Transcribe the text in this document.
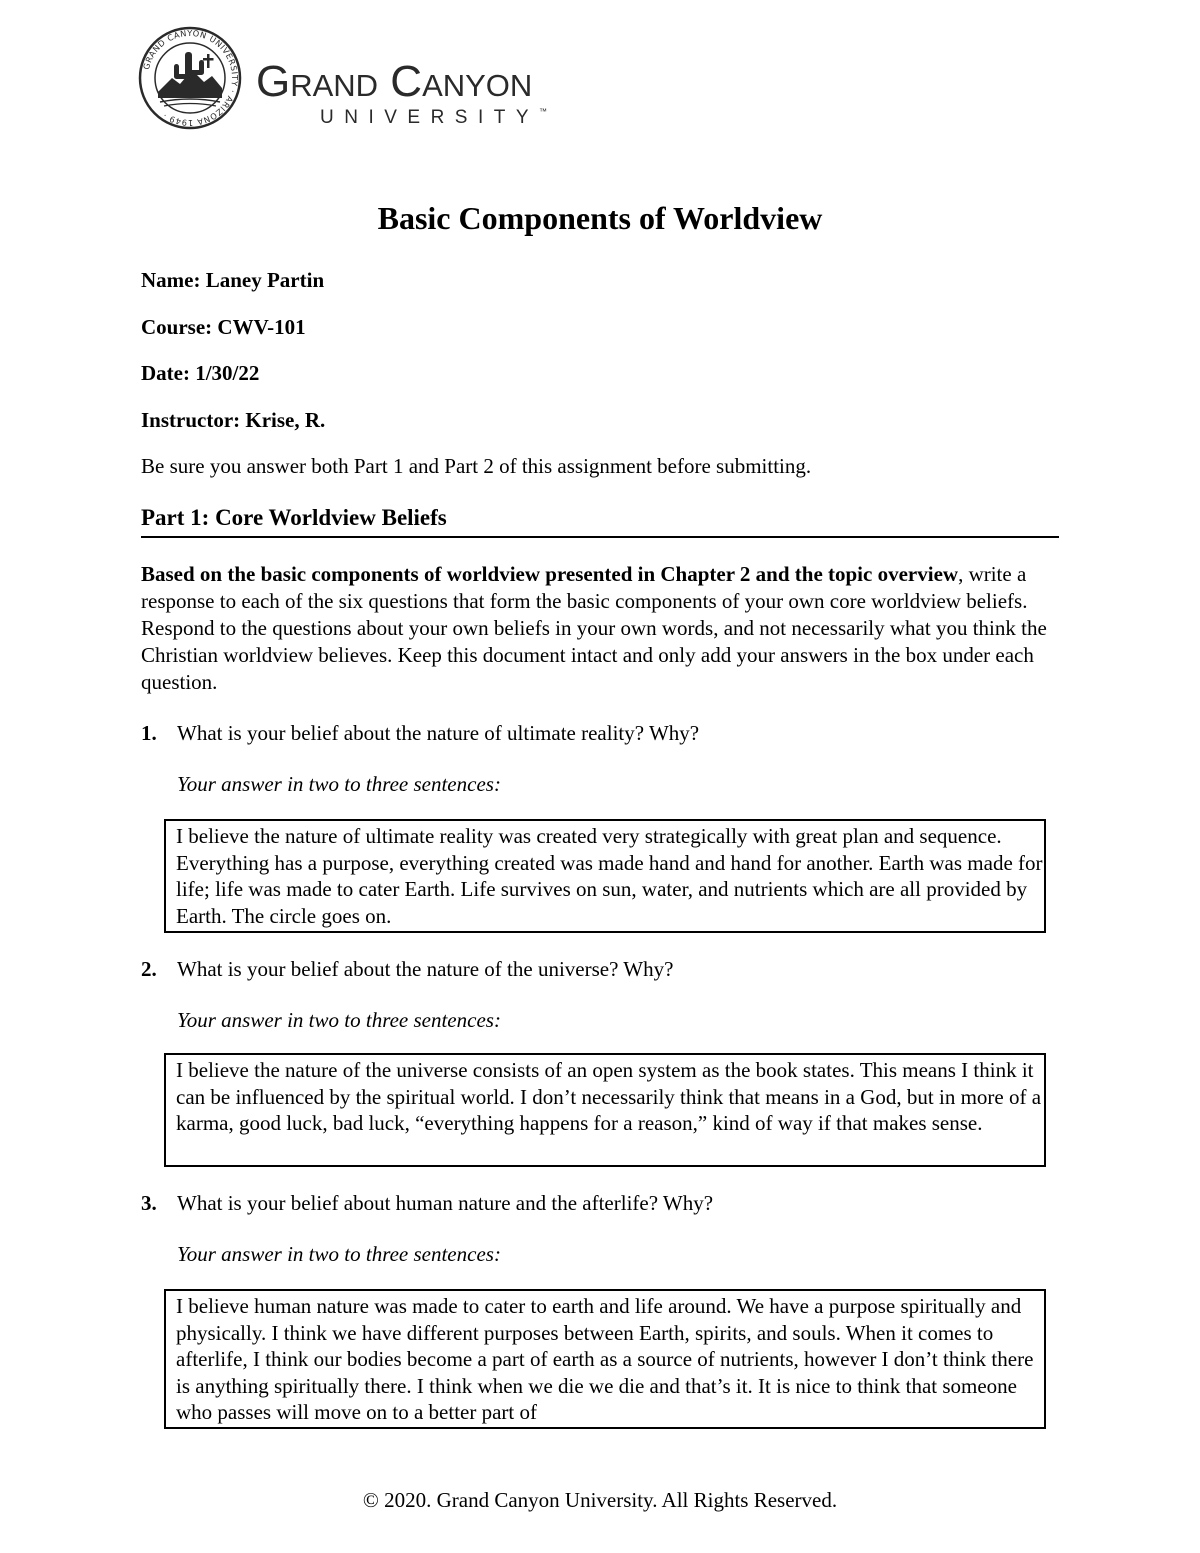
GRAND CANYON UNIVERSITY · ARIZONA 1949 ·
Grand Canyon
UNIVERSITY™
Basic Components of Worldview
Name: Laney Partin
Course: CWV-101
Date: 1/30/22
Instructor: Krise, R.
Be sure you answer both Part 1 and Part 2 of this assignment before submitting.
Part 1: Core Worldview Beliefs
Based on the basic components of worldview presented in Chapter 2 and the topic overview, write a response to each of the six questions that form the basic components of your own core worldview beliefs. Respond to the questions about your own beliefs in your own words, and not necessarily what you think the Christian worldview believes. Keep this document intact and only add your answers in the box under each question.
1. What is your belief about the nature of ultimate reality? Why?
Your answer in two to three sentences:
I believe the nature of ultimate reality was created very strategically with great plan and sequence. Everything has a purpose, everything created was made hand and hand for another. Earth was made for life; life was made to cater Earth. Life survives on sun, water, and nutrients which are all provided by Earth. The circle goes on.
2. What is your belief about the nature of the universe? Why?
Your answer in two to three sentences:
I believe the nature of the universe consists of an open system as the book states. This means I think it can be influenced by the spiritual world. I don’t necessarily think that means in a God, but in more of a karma, good luck, bad luck, “everything happens for a reason,” kind of way if that makes sense.
3. What is your belief about human nature and the afterlife? Why?
Your answer in two to three sentences:
I believe human nature was made to cater to earth and life around. We have a purpose spiritually and physically. I think we have different purposes between Earth, spirits, and souls. When it comes to afterlife, I think our bodies become a part of earth as a source of nutrients, however I don’t think there is anything spiritually there. I think when we die we die and that’s it. It is nice to think that someone who passes will move on to a better part of
© 2020. Grand Canyon University. All Rights Reserved.
